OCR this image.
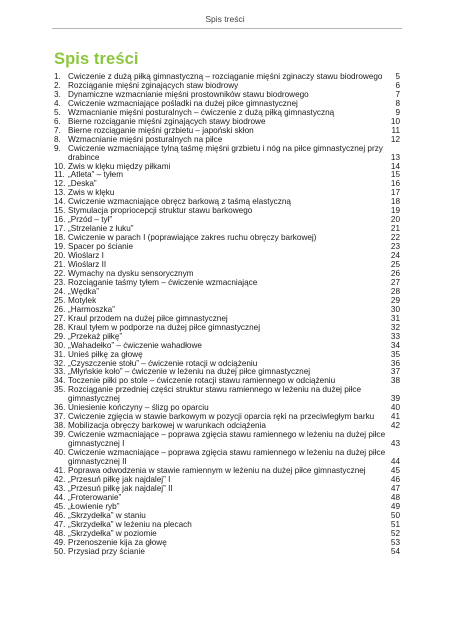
Spis treści
Spis treści
1. Ćwiczenie z dużą piłką gimnastyczną – rozciąganie mięśni zginaczy stawu biodrowego	5
2. Rozciąganie mięśni zginających staw biodrowy	6
3. Dynamiczne wzmacnianie mięśni prostowników stawu biodrowego	7
4. Ćwiczenie wzmacniające pośladki na dużej piłce gimnastycznej	8
5. Wzmacnianie mięśni posturalnych – ćwiczenie z dużą piłką gimnastyczną	9
6. Bierne rozciąganie mięśni zginających stawy biodrowe	10
7. Bierne rozciąganie mięśni grzbietu – japoński skłon	11
8. Wzmacnianie mięśni posturalnych na piłce	12
9. Ćwiczenie wzmacniające tylną taśmę mięśni grzbietu i nóg na piłce gimnastycznej przy drabince	13
10. Zwis w klęku między piłkami	14
11. „Atleta” – tyłem	15
12. „Deska”	16
13. Zwis w klęku	17
14. Ćwiczenie wzmacniające obręcz barkową z taśmą elastyczną	18
15. Stymulacja propriocepcji struktur stawu barkowego	19
16. „Przód – tył”	20
17. „Strzelanie z łuku”	21
18. Ćwiczenie w parach I (poprawiające zakres ruchu obręczy barkowej)	22
19. Spacer po ścianie	23
20. Wioślarz I	24
21. Wioślarz II	25
22. Wymachy na dysku sensorycznym	26
23. Rozciąganie taśmy tyłem – ćwiczenie wzmacniające	27
24. „Wędka”	28
25. Motylek	29
26. „Harmoszka”	30
27. Kraul przodem na dużej piłce gimnastycznej	31
28. Kraul tyłem w podporze na dużej piłce gimnastycznej	32
29. „Przekaż piłkę”	33
30. „Wahadełko” – ćwiczenie wahadłowe	34
31. Unieś piłkę za głowę	35
32. „Czyszczenie stołu” – ćwiczenie rotacji w odciążeniu	36
33. „Młyńskie koło” – ćwiczenie w leżeniu na dużej piłce gimnastycznej	37
34. Toczenie piłki po stole – ćwiczenie rotacji stawu ramiennego w odciążeniu	38
35. Rozciąganie przedniej części struktur stawu ramiennego w leżeniu na dużej piłce gimnastycznej	39
36. Uniesienie kończyny – ślizg po oparciu	40
37. Ćwiczenie zgięcia w stawie barkowym w pozycji oparcia ręki na przeciwległym barku	41
38. Mobilizacja obręczy barkowej w warunkach odciążenia	42
39. Ćwiczenie wzmacniające – poprawa zgięcia stawu ramiennego w leżeniu na dużej piłce gimnastycznej I	43
40. Ćwiczenie wzmacniające – poprawa zgięcia stawu ramiennego w leżeniu na dużej piłce gimnastycznej II	44
41. Poprawa odwodzenia w stawie ramiennym w leżeniu na dużej piłce gimnastycznej	45
42. „Przesuń piłkę jak najdalej” I	46
43. „Przesuń piłkę jak najdalej” II	47
44. „Froterowanie”	48
45. „Łowienie ryb”	49
46. „Skrzydełka” w staniu	50
47. „Skrzydełka” w leżeniu na plecach	51
48. „Skrzydełka” w poziomie	52
49. Przenoszenie kija za głowę	53
50. Przysiad przy ścianie	54
